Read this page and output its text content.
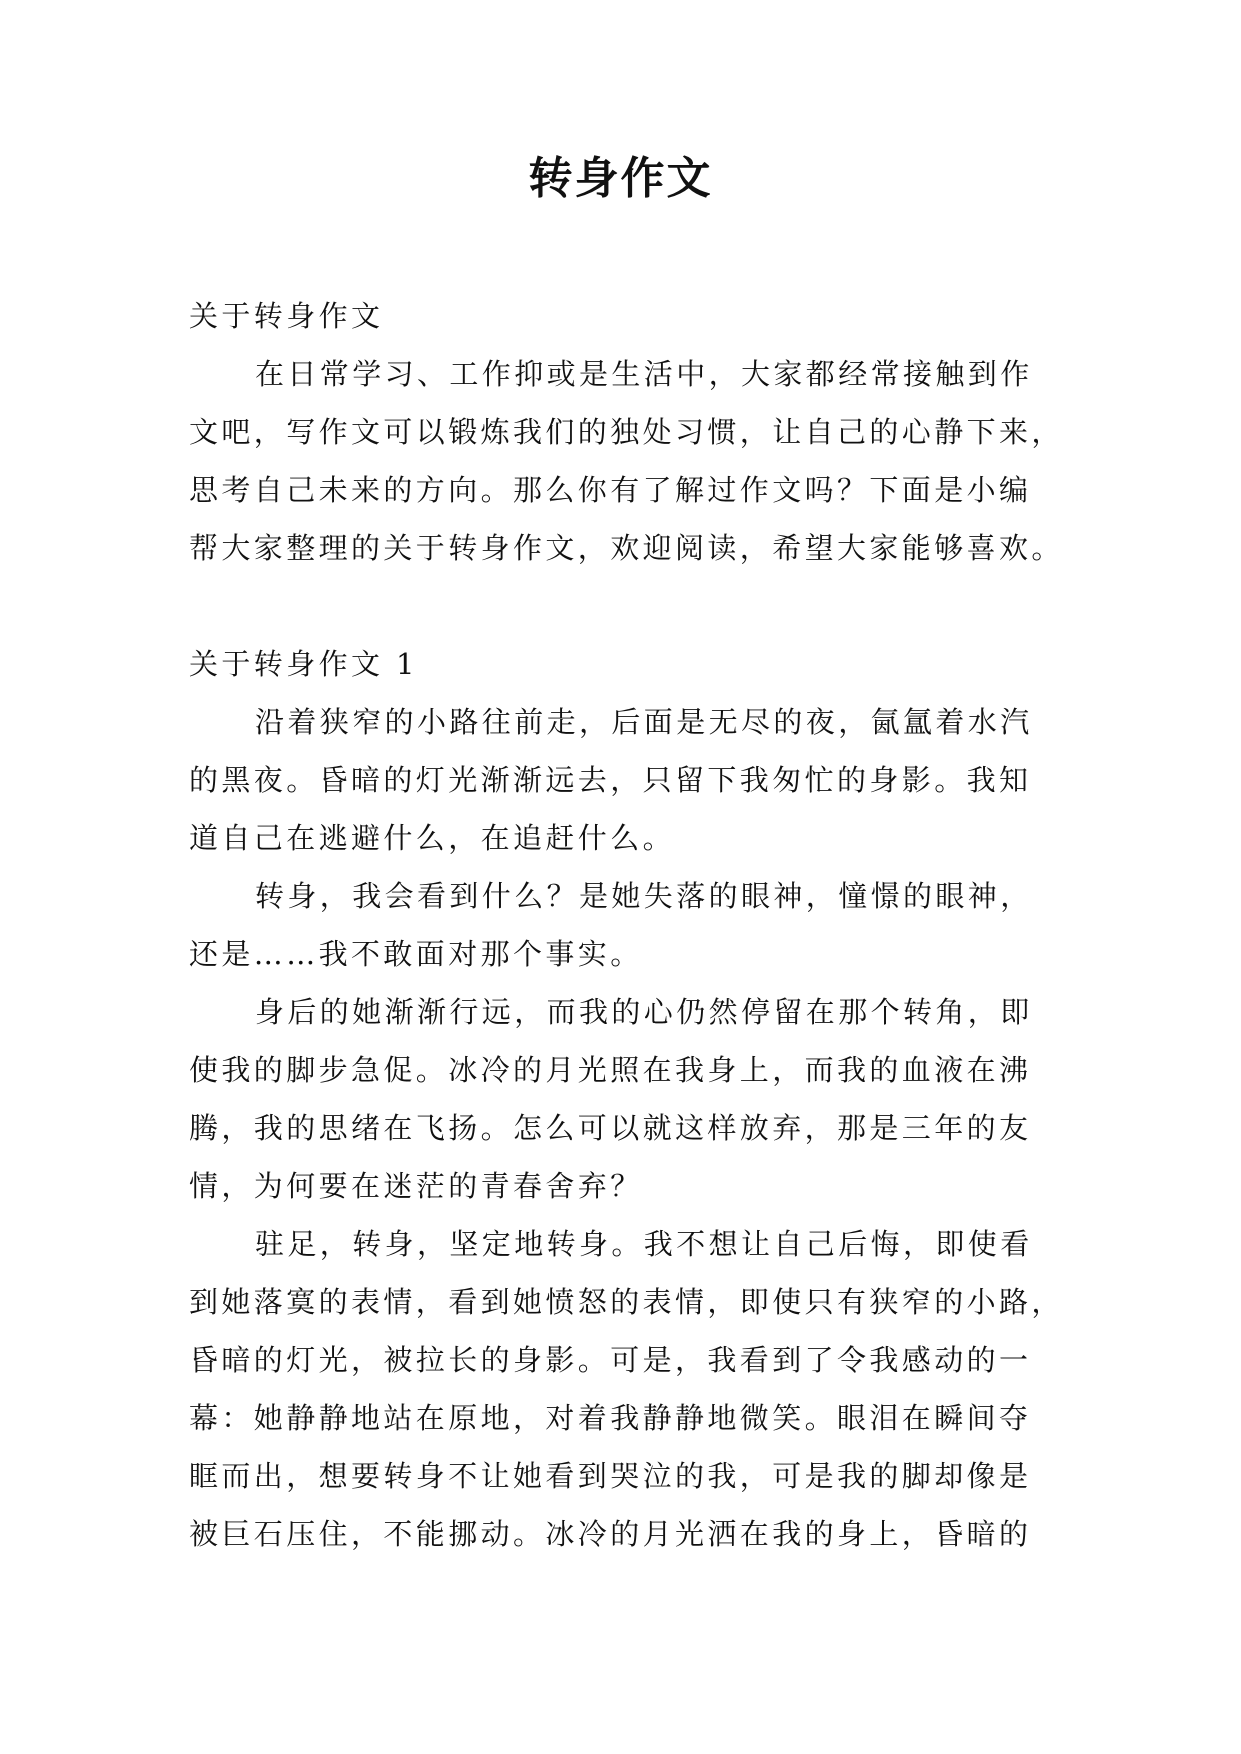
转身作文
关于转身作文
在日常学习、工作抑或是生活中，大家都经常接触到作
文吧，写作文可以锻炼我们的独处习惯，让自己的心静下来，
思考自己未来的方向。那么你有了解过作文吗？下面是小编
帮大家整理的关于转身作文，欢迎阅读，希望大家能够喜欢。
关于转身作文 1
沿着狭窄的小路往前走，后面是无尽的夜，氤氲着水汽
的黑夜。昏暗的灯光渐渐远去，只留下我匆忙的身影。我知
道自己在逃避什么，在追赶什么。
转身，我会看到什么？是她失落的眼神，憧憬的眼神，
还是……我不敢面对那个事实。
身后的她渐渐行远，而我的心仍然停留在那个转角，即
使我的脚步急促。冰冷的月光照在我身上，而我的血液在沸
腾，我的思绪在飞扬。怎么可以就这样放弃，那是三年的友
情，为何要在迷茫的青春舍弃？
驻足，转身，坚定地转身。我不想让自己后悔，即使看
到她落寞的表情，看到她愤怒的表情，即使只有狭窄的小路，
昏暗的灯光，被拉长的身影。可是，我看到了令我感动的一
幕：她静静地站在原地，对着我静静地微笑。眼泪在瞬间夺
眶而出，想要转身不让她看到哭泣的我，可是我的脚却像是
被巨石压住，不能挪动。冰冷的月光洒在我的身上，昏暗的
